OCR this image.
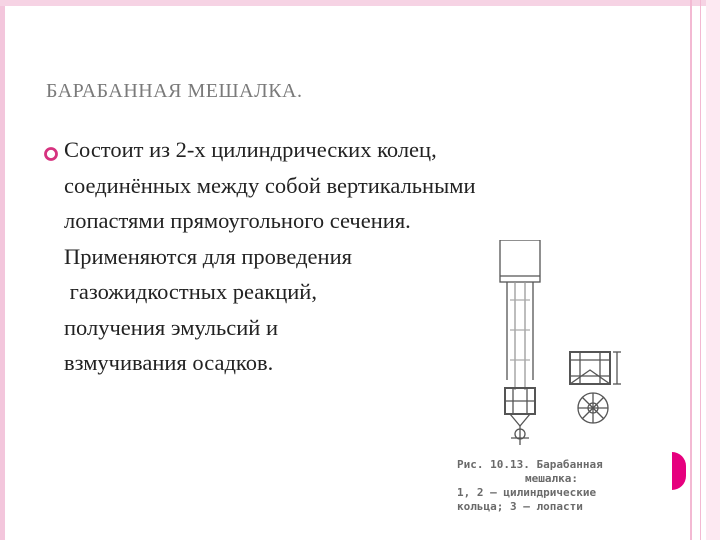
БАРАБАННАЯ МЕШАЛКА.
Состоит из 2-х цилиндрических колец,
соединённых между собой вертикальными
лопастями прямоугольного сечения.
Применяются для проведения
газожидкостных реакций,
получения эмульсий и
взмучивания осадков.
Рис. 10.13. Барабанная
мешалка:
1, 2 — цилиндрические
кольца; 3 — лопасти
